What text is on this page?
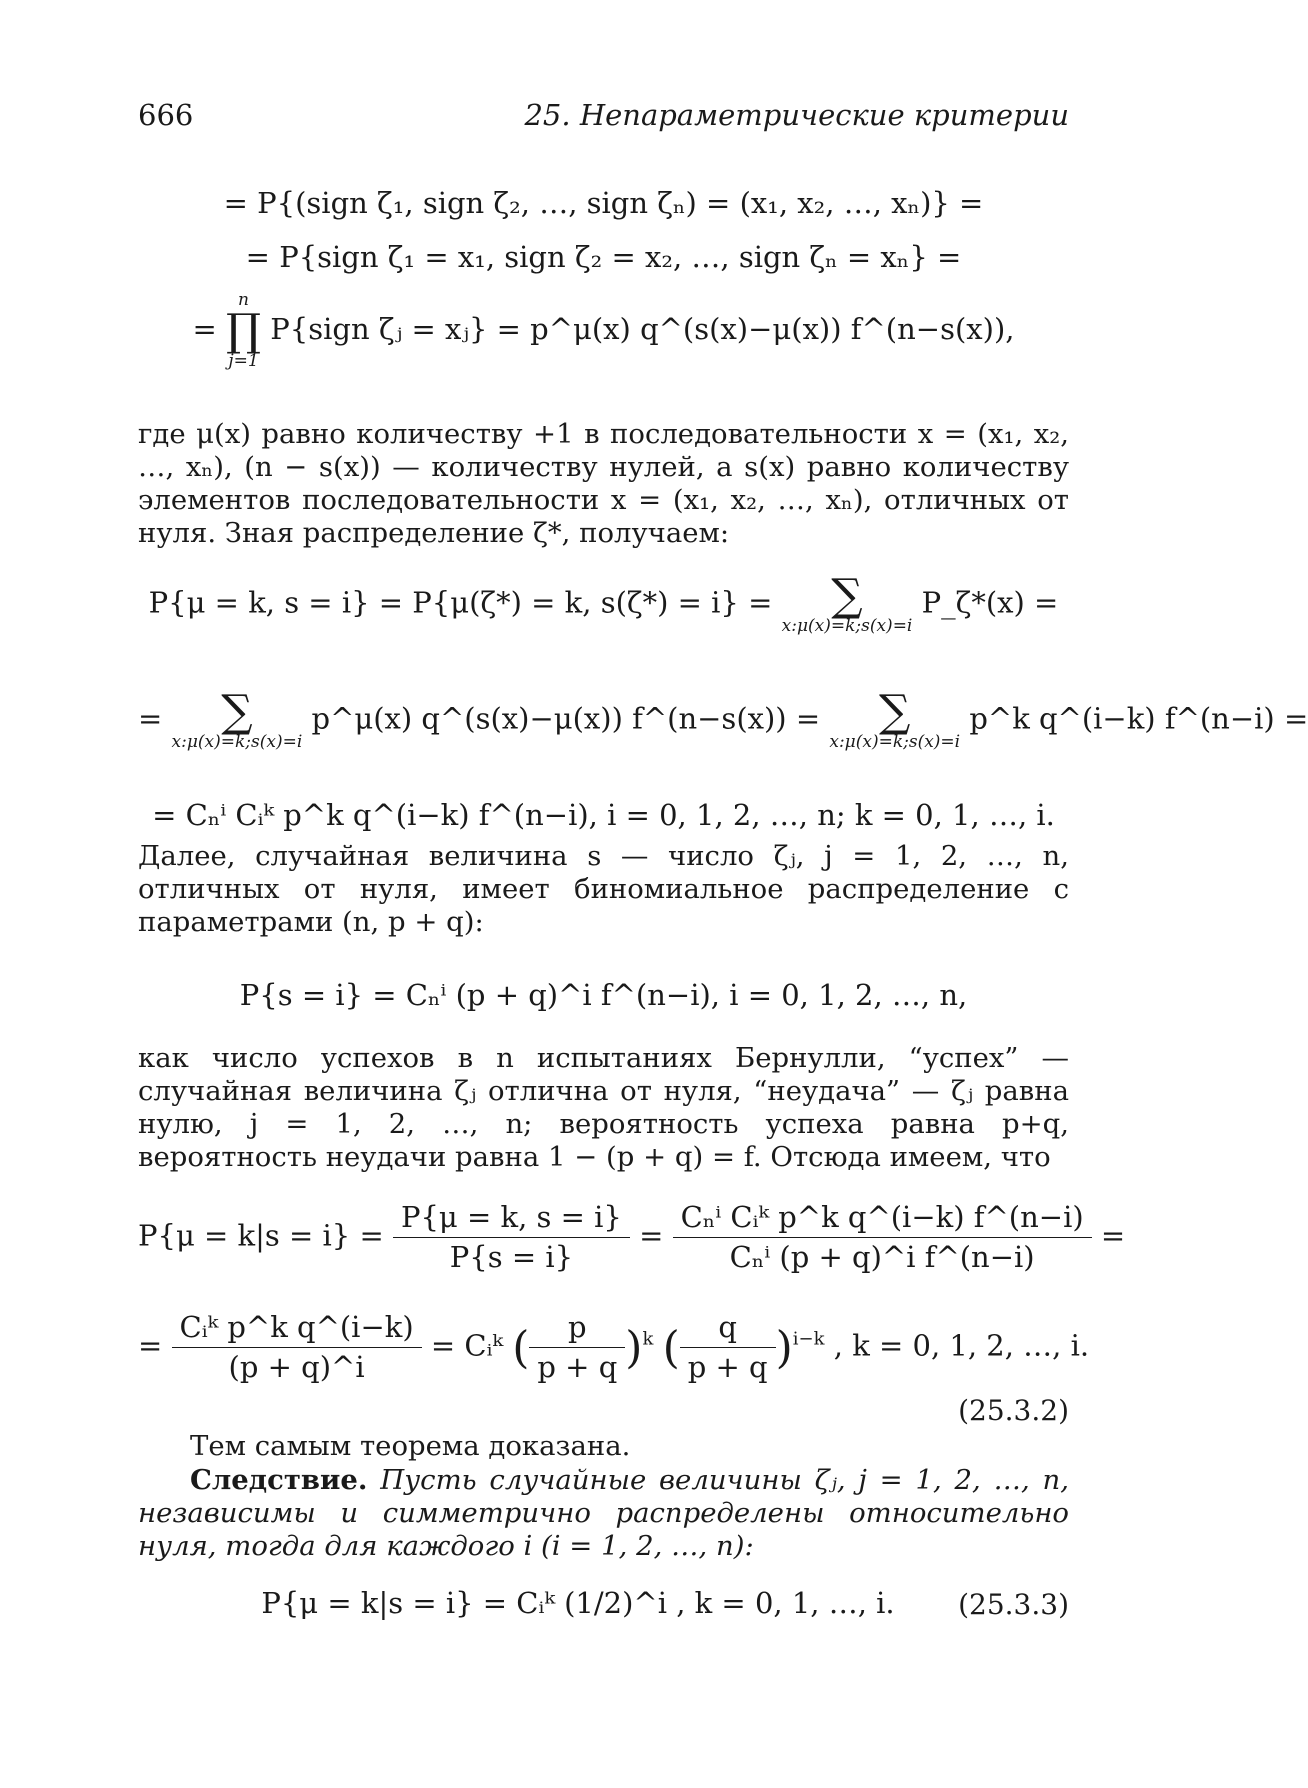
666	25. Непараметрические критерии
= P{(sign ζ₁, sign ζ₂, …, sign ζₙ) = (x₁, x₂, …, xₙ)} =
= P{sign ζ₁ = x₁, sign ζ₂ = x₂, …, sign ζₙ = xₙ} =
=
n
∏
j=1
P{sign ζⱼ = xⱼ} = p^μ(x) q^(s(x)−μ(x)) f^(n−s(x)),
где μ(x) равно количеству +1 в последовательности x = (x₁, x₂, …, xₙ), (n − s(x)) — количеству нулей, а s(x) равно количеству элементов последовательности x = (x₁, x₂, …, xₙ), отличных от нуля. Зная распределение ζ*, получаем:
P{μ = k, s = i} = P{μ(ζ*) = k, s(ζ*) = i} =	∑
x:μ(x)=k;s(x)=i
P_ζ*(x) =
=	∑
x:μ(x)=k;s(x)=i
p^μ(x) q^(s(x)−μ(x)) f^(n−s(x)) =	∑
x:μ(x)=k;s(x)=i
p^k q^(i−k) f^(n−i) =
= Cₙⁱ Cᵢᵏ p^k q^(i−k) f^(n−i), i = 0, 1, 2, …, n; k = 0, 1, …, i.
Далее, случайная величина s — число ζⱼ, j = 1, 2, …, n, отличных от нуля, имеет биномиальное распределение с параметрами (n, p + q):
P{s = i} = Cₙⁱ (p + q)^i f^(n−i), i = 0, 1, 2, …, n,
как число успехов в n испытаниях Бернулли, “успех” — случайная величина ζⱼ отлична от нуля, “неудача” — ζⱼ равна нулю, j = 1, 2, …, n; вероятность успеха равна p+q, вероятность неудачи равна 1 − (p + q) = f. Отсюда имеем, что
$P\{\mu = k|s = i\} = \frac{P\{\mu = k, s = i\}}{P\{s = i\}} = \frac{\text{Cₙⁱ Cᵢᵏ p\textasciicircum{}k q\textasciicircum{}(i−k) f\textasciicircum{}(n−i)}}{\text{Cₙⁱ (p + q)\textasciicircum{}i f\textasciicircum{}(n−i)}}$ =
= $\frac{\text{Cᵢᵏ p\textasciicircum{}k q\textasciicircum{}(i−k)}}{(p + q)\^{}i}$ = Cᵢᵏ ( $\frac{p}{p + q} )^k$ ( $\frac{q}{p + q} )^{i-k}$ , k = 0, 1, 2, …, i.
(25.3.2)
Тем самым теорема доказана.
Следствие. Пусть случайные величины ζⱼ, j = 1, 2, …, n, независимы и симметрично распределены относительно нуля, тогда для каждого i (i = 1, 2, …, n):
P{μ = k|s = i} = Cᵢᵏ (1/2)^i , k = 0, 1, …, i.	(25.3.3)
